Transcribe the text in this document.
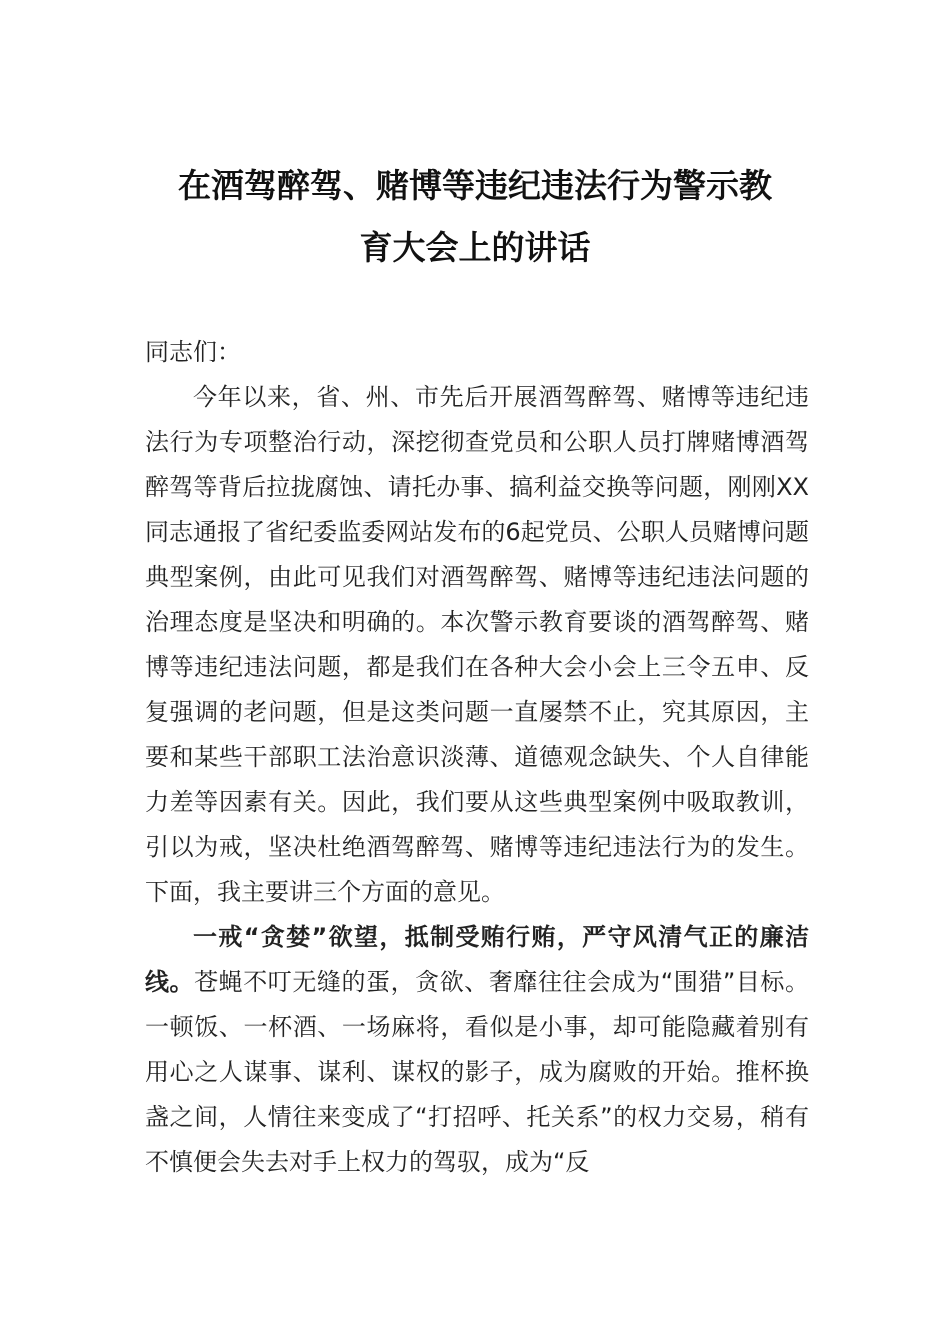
在酒驾醉驾、赌博等违纪违法行为警示教
育大会上的讲话

同志们：

今年以来，省、州、市先后开展酒驾醉驾、赌博等违纪违法行为专项整治行动，深挖彻查党员和公职人员打牌赌博酒驾醉驾等背后拉拢腐蚀、请托办事、搞利益交换等问题，刚刚XX同志通报了省纪委监委网站发布的6起党员、公职人员赌博问题典型案例，由此可见我们对酒驾醉驾、赌博等违纪违法问题的治理态度是坚决和明确的。本次警示教育要谈的酒驾醉驾、赌博等违纪违法问题，都是我们在各种大会小会上三令五申、反复强调的老问题，但是这类问题一直屡禁不止，究其原因，主要和某些干部职工法治意识淡薄、道德观念缺失、个人自律能力差等因素有关。因此，我们要从这些典型案例中吸取教训，引以为戒，坚决杜绝酒驾醉驾、赌博等违纪违法行为的发生。下面，我主要讲三个方面的意见。

一戒“贪婪”欲望，抵制受贿行贿，严守风清气正的廉洁线。苍蝇不叮无缝的蛋，贪欲、奢靡往往会成为“围猎”目标。一顿饭、一杯酒、一场麻将，看似是小事，却可能隐藏着别有用心之人谋事、谋利、谋权的影子，成为腐败的开始。推杯换盏之间，人情往来变成了“打招呼、托关系”的权力交易，稍有不慎便会失去对手上权力的驾驭，成为“反
